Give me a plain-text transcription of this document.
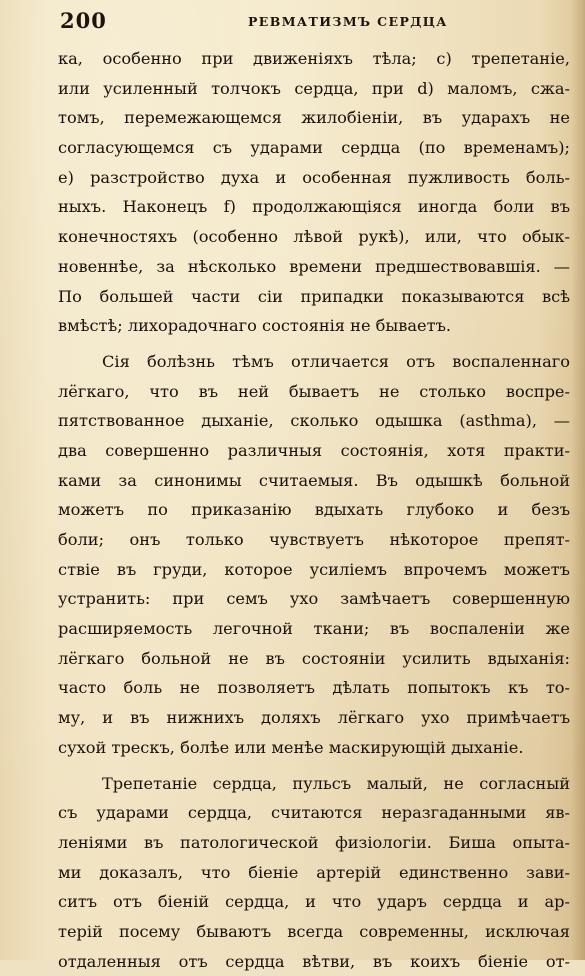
200	РЕВМАТИЗМЪ СЕРДЦА
ка, особенно при движеніяхъ тѣла; с) трепетаніе,
или усиленный толчокъ сердца, при d) маломъ, сжа-
томъ, перемежающемся жилобіеніи, въ ударахъ не
согласующемся съ ударами сердца (по временамъ);
е) разстройство духа и особенная пужливость боль-
ныхъ. Наконецъ f) продолжающіяся иногда боли въ
конечностяхъ (особенно лѣвой рукѣ), или, что обык-
новеннѣе, за нѣсколько времени предшествовавшія. —
По большей части сіи припадки показываются всѣ
вмѣстѣ; лихорадочнаго состоянія не бываетъ.
Сія болѣзнь тѣмъ отличается отъ воспаленнаго
лёгкаго, что въ ней бываетъ не столько воспре-
пятствованное дыханіе, сколько одышка (asthma), —
два совершенно различныя состоянія, хотя практи-
ками за синонимы считаемыя. Въ одышкѣ больной
можетъ по приказанію вдыхать глубоко и безъ
боли; онъ только чувствуетъ нѣкоторое препят-
ствіе въ груди, которое усиліемъ впрочемъ можетъ
устранить: при семъ ухо замѣчаетъ совершенную
расширяемость легочной ткани; въ воспаленіи же
лёгкаго больной не въ состояніи усилить вдыханія:
часто боль не позволяетъ дѣлать попытокъ къ то-
му, и въ нижнихъ доляхъ лёгкаго ухо примѣчаетъ
сухой трескъ, болѣе или менѣе маскирующій дыханіе.
Трепетаніе сердца, пульсъ малый, не согласный
съ ударами сердца, считаются неразгаданными яв-
леніями въ патологической физіологіи. Биша опыта-
ми доказалъ, что біеніе артерій единственно зави-
ситъ отъ біеній сердца, и что ударъ сердца и ар-
терій посему бываютъ всегда современны, исключая
отдаленныя отъ сердца вѣтви, въ коихъ біеніе от-
